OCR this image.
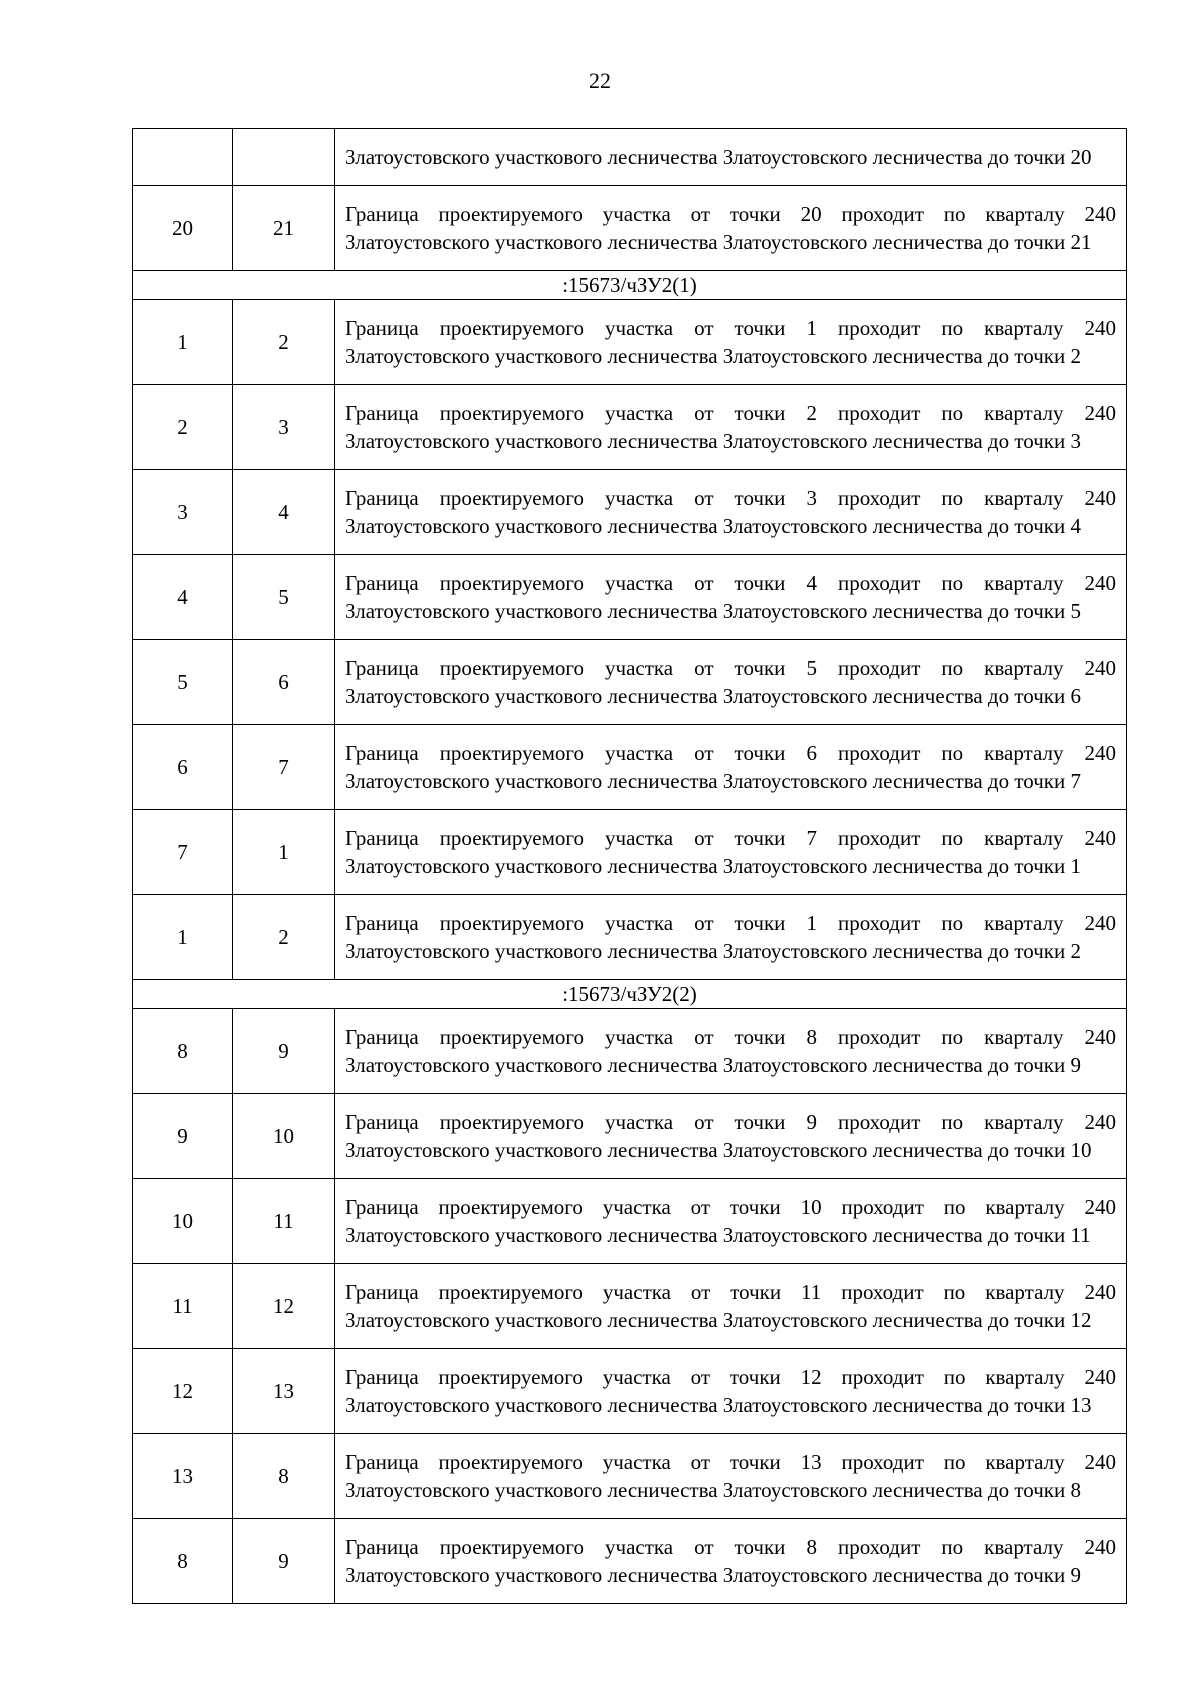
22
		Златоустовского участкового лесничества Златоустовского лесничества до точки 20
20	21	Граница проектируемого участка от точки 20 проходит по кварталу 240 Златоустовского участкового лесничества Златоустовского лесничества до точки 21
:15673/чЗУ2(1)		
1	2	Граница проектируемого участка от точки 1 проходит по кварталу 240 Златоустовского участкового лесничества Златоустовского лесничества до точки 2
2	3	Граница проектируемого участка от точки 2 проходит по кварталу 240 Златоустовского участкового лесничества Златоустовского лесничества до точки 3
3	4	Граница проектируемого участка от точки 3 проходит по кварталу 240 Златоустовского участкового лесничества Златоустовского лесничества до точки 4
4	5	Граница проектируемого участка от точки 4 проходит по кварталу 240 Златоустовского участкового лесничества Златоустовского лесничества до точки 5
5	6	Граница проектируемого участка от точки 5 проходит по кварталу 240 Златоустовского участкового лесничества Златоустовского лесничества до точки 6
6	7	Граница проектируемого участка от точки 6 проходит по кварталу 240 Златоустовского участкового лесничества Златоустовского лесничества до точки 7
7	1	Граница проектируемого участка от точки 7 проходит по кварталу 240 Златоустовского участкового лесничества Златоустовского лесничества до точки 1
1	2	Граница проектируемого участка от точки 1 проходит по кварталу 240 Златоустовского участкового лесничества Златоустовского лесничества до точки 2
:15673/чЗУ2(2)		
8	9	Граница проектируемого участка от точки 8 проходит по кварталу 240 Златоустовского участкового лесничества Златоустовского лесничества до точки 9
9	10	Граница проектируемого участка от точки 9 проходит по кварталу 240 Златоустовского участкового лесничества Златоустовского лесничества до точки 10
10	11	Граница проектируемого участка от точки 10 проходит по кварталу 240 Златоустовского участкового лесничества Златоустовского лесничества до точки 11
11	12	Граница проектируемого участка от точки 11 проходит по кварталу 240 Златоустовского участкового лесничества Златоустовского лесничества до точки 12
12	13	Граница проектируемого участка от точки 12 проходит по кварталу 240 Златоустовского участкового лесничества Златоустовского лесничества до точки 13
13	8	Граница проектируемого участка от точки 13 проходит по кварталу 240 Златоустовского участкового лесничества Златоустовского лесничества до точки 8
8	9	Граница проектируемого участка от точки 8 проходит по кварталу 240 Златоустовского участкового лесничества Златоустовского лесничества до точки 9
